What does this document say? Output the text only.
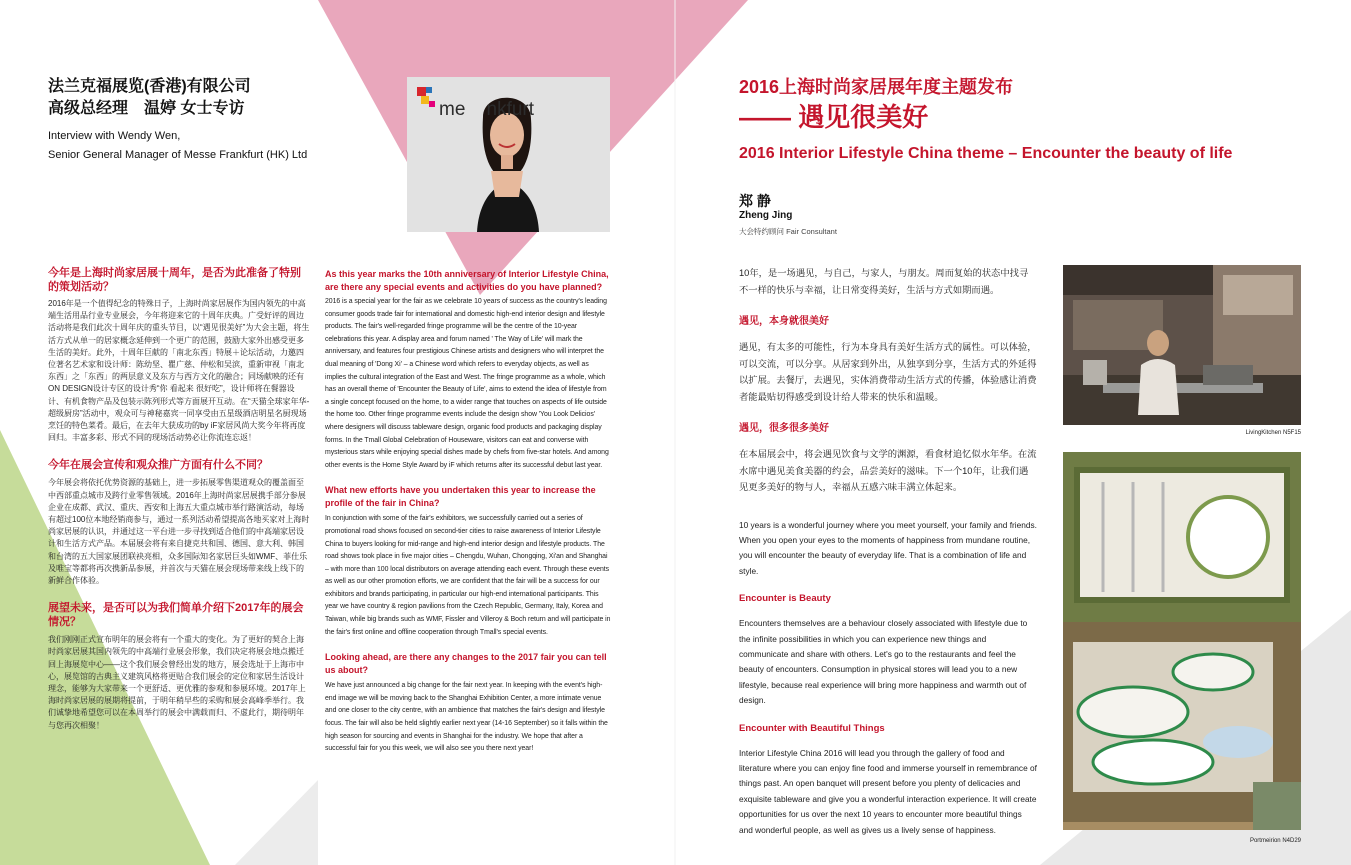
法兰克福展览(香港)有限公司
高级总经理　温婷 女士专访
Interview with Wendy Wen,
Senior General Manager of Messe Frankfurt (HK) Ltd
me    nkfurt
今年是上海时尚家居展十周年，是否为此准备了特别的策划活动？
2016年是一个值得纪念的特殊日子，上海时尚家居展作为国内领先的中高端生活用品行业专业展会，今年将迎来它的十周年庆典。广受好评的周边活动将是我们此次十周年庆的重头节目，以“遇见很美好”为大会主题，将生活方式从单一的居家概念延伸到一个更广的范围，鼓励大家外出感受更多生活的美好。此外，十周年巨献的「南北东西」特展＋论坛活动，力邀四位著名艺术家和设计师：陈幼坚、瞿广慈、仲松和吴滨，重新审视「南北东西」之「东西」的两层意义及东方与西方文化的融合；同场献映的还有ON DESIGN设计专区的设计秀“你 看起来 很好吃”，设计师将在餐器设计、有机食物产品及包装示陈列形式等方面展开互动。在“天猫全球家年华-超级厨房”活动中，观众可与神秘嘉宾一同享受由五星级酒店明星名厨现场烹饪的特色菜肴。最后，在去年大获成功的by iF家居风尚大奖今年将再度回归。丰富多彩、形式不同的现场活动势必让你流连忘返！
今年在展会宣传和观众推广方面有什么不同？
今年展会将依托优势资源的基础上，进一步拓展零售渠道观众的覆盖面至中西部重点城市及跨行业零售领域。2016年上海时尚家居展携手部分参展企业在成都、武汉、重庆、西安和上海五大重点城市举行路演活动，每场有超过100位本地经销商参与，通过一系列活动希望提高各地买家对上海时尚家居展的认识，并通过这一平台进一步寻找到适合他们的中高端家居设计和生活方式产品。本届展会将有来自捷克共和国、德国、意大利、韩国和台湾的五大国家展团联袂亮相，众多国际知名家居巨头如WMF、菲仕乐及唯宝等都将再次携新品参展，并首次与天猫在展会现场带来线上线下的新鲜合作体验。
展望未来，是否可以为我们简单介绍下2017年的展会情况？
我们刚刚正式宣布明年的展会将有一个重大的变化。为了更好的契合上海时尚家居展其国内领先的中高端行业展会形象，我们决定将展会地点搬迁回上海展览中心——这个我们展会曾经出发的地方，展会选址于上海市中心，展览馆的古典主义建筑风格将更贴合我们展会的定位和家居生活设计理念，能够为大家带来一个更舒适、更优雅的参观和参展环境。2017年上海时尚家居展的展期将提前，于明年稍早些的采购和展会高峰季举行。我们诚挚地希望您可以在本周举行的展会中满载而归、不虚此行，期待明年与您再次相聚！
As this year marks the 10th anniversary of Interior Lifestyle China, are there any special events and activities do you have planned?
2016 is a special year for the fair as we celebrate 10 years of success as the country's leading consumer goods trade fair for international and domestic high-end interior design and lifestyle products. The fair's well-regarded fringe programme will be the centre of the 10-year celebrations this year. A display area and forum named ' The Way of Life' will mark the anniversary, and features four prestigious Chinese artists and designers who will interpret the dual meaning of 'Dong Xi' – a Chinese word which refers to everyday objects, as well as implies the cultural integration of the East and West. The fringe programme as a whole, which has an overall theme of 'Encounter the Beauty of Life', aims to extend the idea of lifestyle from a single concept focused on the home, to a wider range that touches on aspects of life outside the home too. Other fringe programme events include the design show 'You Look Delicios' where designers will discuss tableware design, organic food products and packaging display forms. In the Tmall Global Celebration of Houseware, visitors can eat and converse with mysterious stars while enjoying special dishes made by chefs from five-star hotels. And among other events is the Home Style Award by iF which returns after its successful debut last year.
What new efforts have you undertaken this year to increase the profile of the fair in China?
In conjunction with some of the fair's exhibitors, we successfully carried out a series of promotional road shows focused on second-tier cities to raise awareness of Interior Lifestyle China to buyers looking for mid-range and high-end interior design and lifestyle products. The road shows took place in five major cities – Chengdu, Wuhan, Chongqing, Xi'an and Shanghai – with more than 100 local distributors on average attending each event. Through these events as well as our other promotion efforts, we are confident that the fair will be a success for our exhibitors and brands participating, in particular our high-end international participants. This year we have country & region pavilions from the Czech Republic, Germany, Italy, Korea and Taiwan, while big brands such as WMF, Fissler and Villeroy & Boch return and will participate in the fair's first online and offline cooperation through Tmall's special events.
Looking ahead, are there any changes to the 2017 fair you can tell us about?
We have just announced a big change for the fair next year. In keeping with the event's high-end image we will be moving back to the Shanghai Exhibition Center, a more intimate venue and one closer to the city centre, with an ambience that matches the fair's design and lifestyle focus. The fair will also be held slightly earlier next year (14-16 September) so it falls within the high season for sourcing and events in Shanghai for the industry. We hope that after a successful fair for you this week, we will also see you there next year!
2016上海时尚家居展年度主题发布
—— 遇见很美好
2016 Interior Lifestyle China theme – Encounter the beauty of life
郑 静
Zheng Jing
大会特约顾问 Fair Consultant
10年，是一场遇见，与自己，与家人，与朋友。周而复始的状态中找寻不一样的快乐与幸福，让日常变得美好，生活与方式如期而遇。
遇见，本身就很美好
遇见，有太多的可能性，行为本身具有美好生活方式的属性。可以体验，可以交流，可以分享。从居家到外出，从独享到分享，生活方式的外延得以扩展。去餐厅，去遇见，实体消费带动生活方式的传播，体验感让消费者能最贴切得感受到设计给人带来的快乐和温暖。
遇见，很多很多美好
在本届展会中，将会遇见饮食与文学的渊源，看食材追忆似水年华。在流水席中遇见美食美器的约会，品尝美好的滋味。下一个10年，让我们遇见更多美好的物与人，幸福从五感六味丰满立体起来。
10 years is a wonderful journey where you meet yourself, your family and friends. When you open your eyes to the moments of happiness from mundane routine, you will encounter the beauty of everyday life. That is a combination of life and style.
Encounter is Beauty
Encounters themselves are a behaviour closely associated with lifestyle due to the infinite possibilities in which you can experience new things and communicate and share with others. Let's go to the restaurants and feel the beauty of encounters. Consumption in physical stores will lead you to a new lifestyle, because real experience will bring more happiness and warmth out of design.
Encounter with Beautiful Things
Interior Lifestyle China 2016 will lead you through the gallery of food and literature where you can enjoy fine food and immerse yourself in remembrance of things past. An open banquet will present before you plenty of delicacies and exquisite tableware and give you a wonderful interaction experience. It will create opportunities for us over the next 10 years to encounter more beautiful things and wonderful people, as well as gives us a lively sense of happiness.
LivingKitchen N5F15
Portmeirion N4D29
